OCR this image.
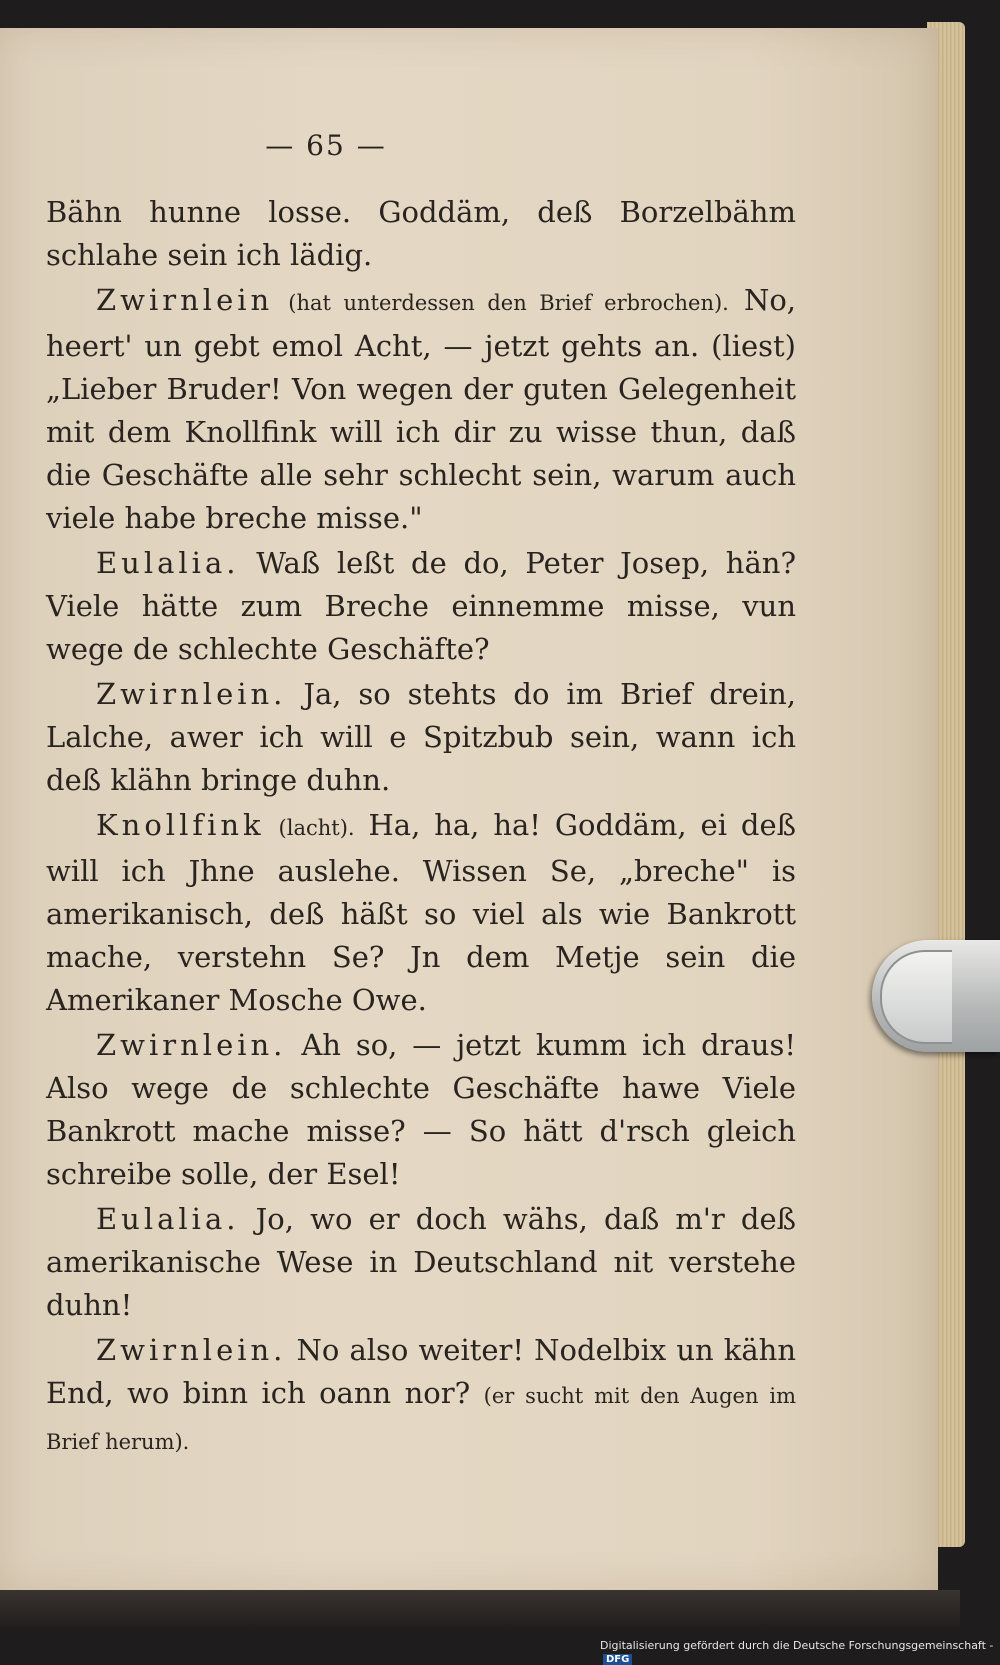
— 65 —

Bähn hunne losse. Goddäm, deß Borzelbähm schlahe sein ich lädig.

Zwirnlein (hat unterdessen den Brief erbrochen). No, heert' un gebt emol Acht, — jetzt gehts an. (liest) „Lieber Bruder! Von wegen der guten Gelegenheit mit dem Knollfink will ich dir zu wisse thun, daß die Geschäfte alle sehr schlecht sein, warum auch viele habe breche misse."

Eulalia. Waß leßt de do, Peter Josep, hän? Viele hätte zum Breche einnemme misse, vun wege de schlechte Geschäfte?

Zwirnlein. Ja, so stehts do im Brief drein, Lalche, awer ich will e Spitzbub sein, wann ich deß klähn bringe duhn.

Knollfink (lacht). Ha, ha, ha! Goddäm, ei deß will ich Jhne auslehe. Wissen Se, „breche" is amerikanisch, deß häßt so viel als wie Bankrott mache, verstehn Se? Jn dem Metje sein die Amerikaner Mosche Owe.

Zwirnlein. Ah so, — jetzt kumm ich draus! Also wege de schlechte Geschäfte hawe Viele Bankrott mache misse? — So hätt d'rsch gleich schreibe solle, der Esel!

Eulalia. Jo, wo er doch wähs, daß m'r deß amerikanische Wese in Deutschland nit verstehe duhn!

Zwirnlein. No also weiter! Nodelbix un kähn End, wo binn ich oann nor? (er sucht mit den Augen im Brief herum).

Digitalisierung gefördert durch die Deutsche Forschungsgemeinschaft -DFG
